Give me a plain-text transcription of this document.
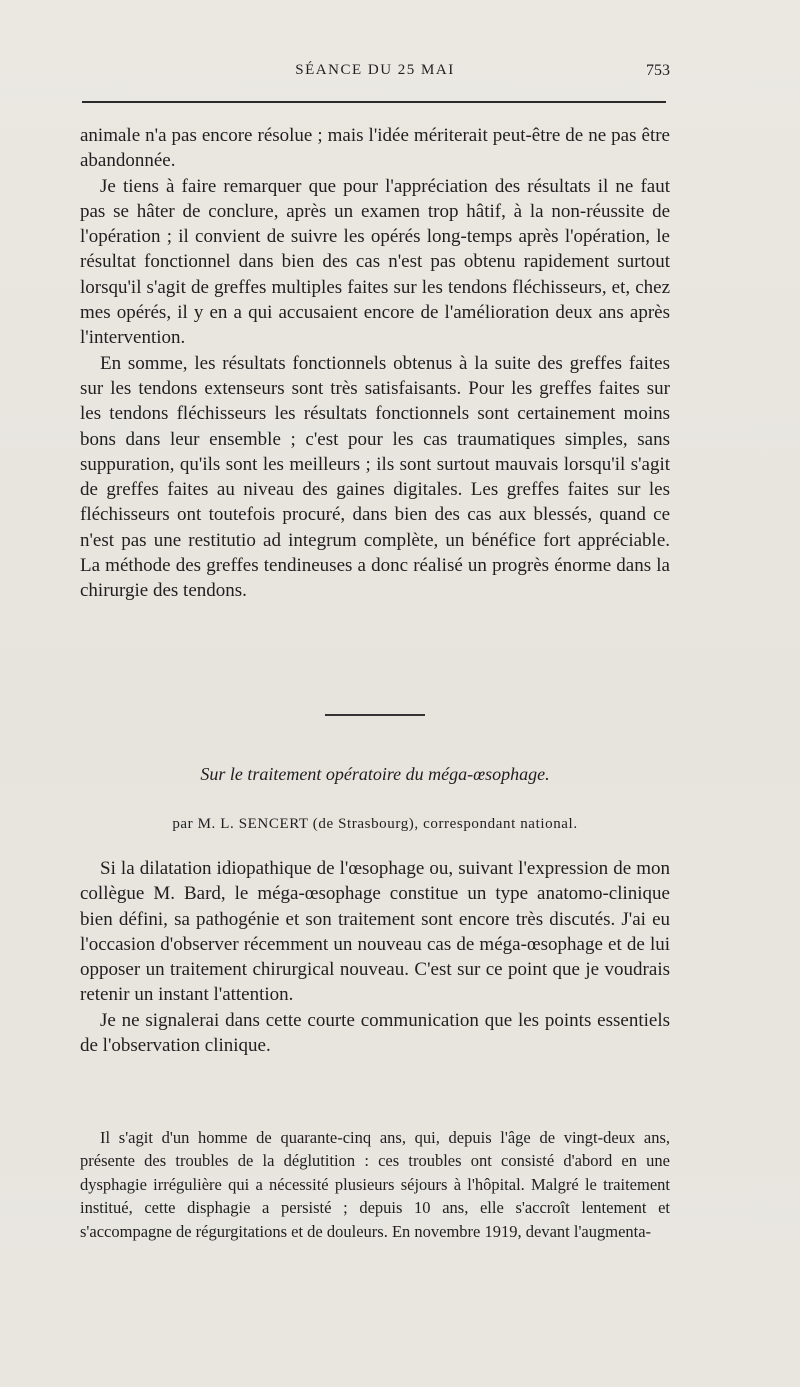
SÉANCE DU 25 MAI	753

animale n'a pas encore résolue ; mais l'idée mériterait peut-être de ne pas être abandonnée.

Je tiens à faire remarquer que pour l'appréciation des résultats il ne faut pas se hâter de conclure, après un examen trop hâtif, à la non-réussite de l'opération ; il convient de suivre les opérés long-temps après l'opération, le résultat fonctionnel dans bien des cas n'est pas obtenu rapidement surtout lorsqu'il s'agit de greffes multiples faites sur les tendons fléchisseurs, et, chez mes opérés, il y en a qui accusaient encore de l'amélioration deux ans après l'intervention.

En somme, les résultats fonctionnels obtenus à la suite des greffes faites sur les tendons extenseurs sont très satisfaisants. Pour les greffes faites sur les tendons fléchisseurs les résultats fonctionnels sont certainement moins bons dans leur ensemble ; c'est pour les cas traumatiques simples, sans suppuration, qu'ils sont les meilleurs ; ils sont surtout mauvais lorsqu'il s'agit de greffes faites au niveau des gaines digitales. Les greffes faites sur les fléchisseurs ont toutefois procuré, dans bien des cas aux blessés, quand ce n'est pas une restitutio ad integrum complète, un bénéfice fort appréciable. La méthode des greffes tendineuses a donc réalisé un progrès énorme dans la chirurgie des tendons.

Sur le traitement opératoire du méga-œsophage.
par M. L. SENCERT (de Strasbourg), correspondant national.

Si la dilatation idiopathique de l'œsophage ou, suivant l'expression de mon collègue M. Bard, le méga-œsophage constitue un type anatomo-clinique bien défini, sa pathogénie et son traitement sont encore très discutés. J'ai eu l'occasion d'observer récemment un nouveau cas de méga-œsophage et de lui opposer un traitement chirurgical nouveau. C'est sur ce point que je voudrais retenir un instant l'attention.

Je ne signalerai dans cette courte communication que les points essentiels de l'observation clinique.

Il s'agit d'un homme de quarante-cinq ans, qui, depuis l'âge de vingt-deux ans, présente des troubles de la déglutition : ces troubles ont consisté d'abord en une dysphagie irrégulière qui a nécessité plusieurs séjours à l'hôpital. Malgré le traitement institué, cette disphagie a persisté ; depuis 10 ans, elle s'accroît lentement et s'accompagne de régurgitations et de douleurs. En novembre 1919, devant l'augmenta-
